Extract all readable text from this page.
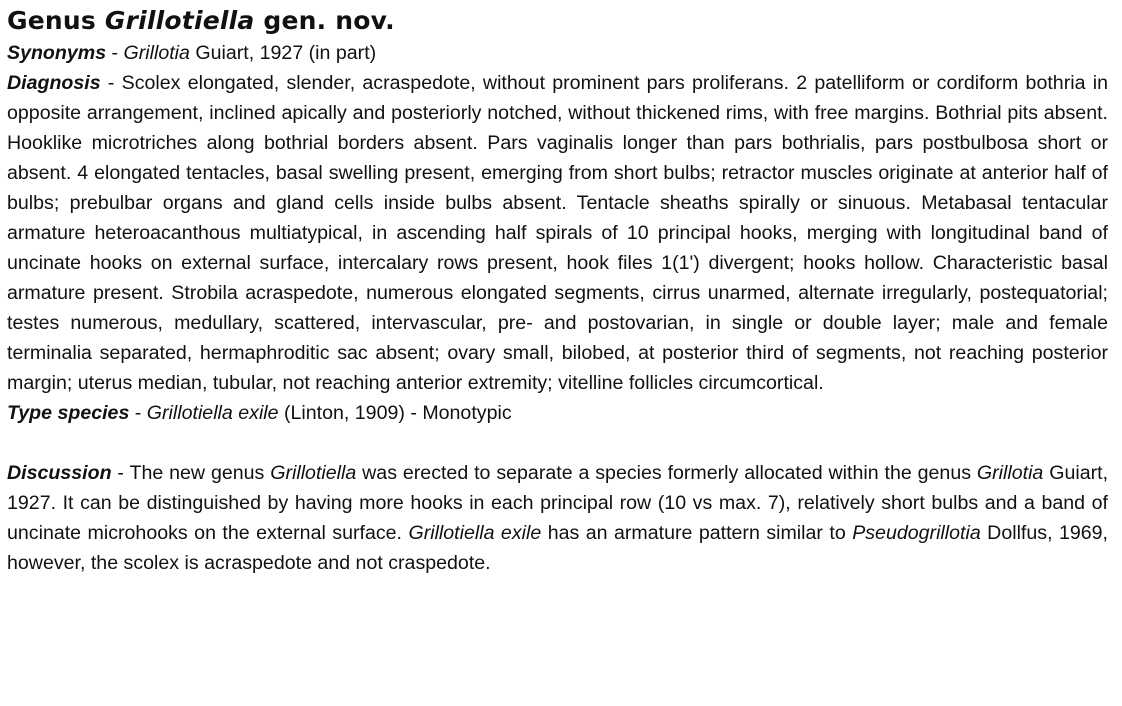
Genus Grillotiella gen. nov.

Synonyms - Grillotia Guiart, 1927 (in part)

Diagnosis - Scolex elongated, slender, acraspedote, without prominent pars proliferans. 2 patelliform or cordiform bothria in opposite arrangement, inclined apically and posteriorly notched, without thickened rims, with free margins. Bothrial pits absent. Hooklike microtriches along bothrial borders absent. Pars vaginalis longer than pars bothrialis, pars postbulbosa short or absent. 4 elongated tentacles, basal swelling present, emerging from short bulbs; retractor muscles originate at anterior half of bulbs; prebulbar organs and gland cells inside bulbs absent. Tentacle sheaths spirally or sinuous. Metabasal tentacular armature heteroacanthous multiatypical, in ascending half spirals of 10 principal hooks, merging with longitudinal band of uncinate hooks on external surface, intercalary rows present, hook files 1(1') divergent; hooks hollow. Characteristic basal armature present. Strobila acraspedote, numerous elongated segments, cirrus unarmed, alternate irregularly, postequatorial; testes numerous, medullary, scattered, intervascular, pre- and postovarian, in single or double layer; male and female terminalia separated, hermaphroditic sac absent; ovary small, bilobed, at posterior third of segments, not reaching posterior margin; uterus median, tubular, not reaching anterior extremity; vitelline follicles circumcortical.

Type species - Grillotiella exile (Linton, 1909) - Monotypic

Discussion - The new genus Grillotiella was erected to separate a species formerly allocated within the genus Grillotia Guiart, 1927. It can be distinguished by having more hooks in each principal row (10 vs max. 7), relatively short bulbs and a band of uncinate microhooks on the external surface. Grillotiella exile has an armature pattern similar to Pseudogrillotia Dollfus, 1969, however, the scolex is acraspedote and not craspedote.
